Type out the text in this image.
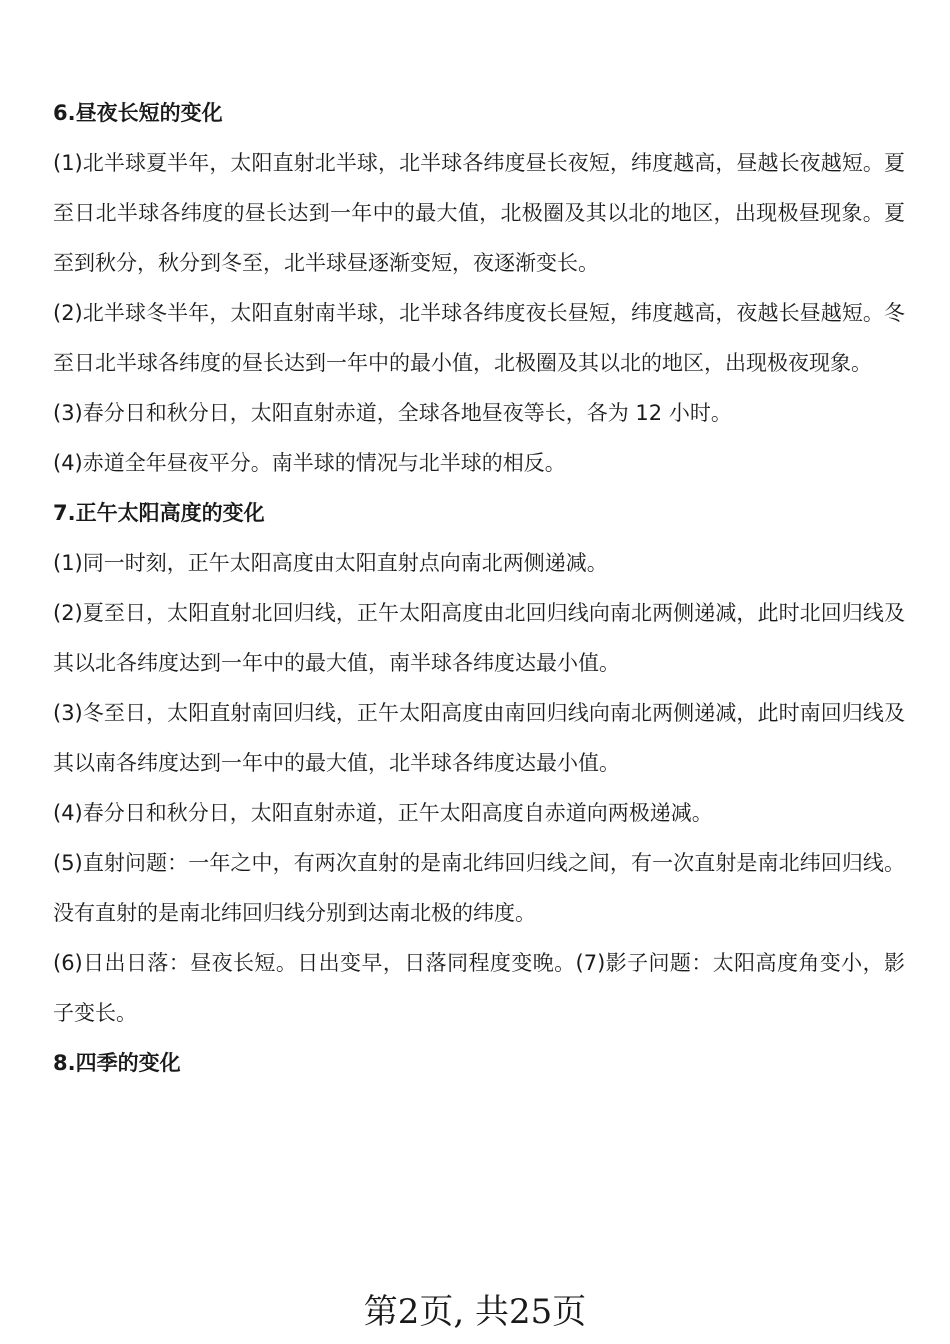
6.昼夜长短的变化
(1)北半球夏半年，太阳直射北半球，北半球各纬度昼长夜短，纬度越高，昼越长夜越短。夏至日北半球各纬度的昼长达到一年中的最大值，北极圈及其以北的地区，出现极昼现象。夏至到秋分，秋分到冬至，北半球昼逐渐变短，夜逐渐变长。
(2)北半球冬半年，太阳直射南半球，北半球各纬度夜长昼短，纬度越高，夜越长昼越短。冬至日北半球各纬度的昼长达到一年中的最小值，北极圈及其以北的地区，出现极夜现象。
(3)春分日和秋分日，太阳直射赤道，全球各地昼夜等长，各为 12 小时。
(4)赤道全年昼夜平分。南半球的情况与北半球的相反。
7.正午太阳高度的变化
(1)同一时刻，正午太阳高度由太阳直射点向南北两侧递减。
(2)夏至日，太阳直射北回归线，正午太阳高度由北回归线向南北两侧递减，此时北回归线及其以北各纬度达到一年中的最大值，南半球各纬度达最小值。
(3)冬至日，太阳直射南回归线，正午太阳高度由南回归线向南北两侧递减，此时南回归线及其以南各纬度达到一年中的最大值，北半球各纬度达最小值。
(4)春分日和秋分日，太阳直射赤道，正午太阳高度自赤道向两极递减。
(5)直射问题：一年之中，有两次直射的是南北纬回归线之间，有一次直射是南北纬回归线。没有直射的是南北纬回归线分别到达南北极的纬度。
(6)日出日落：昼夜长短。日出变早，日落同程度变晚。(7)影子问题：太阳高度角变小，影子变长。
8.四季的变化
第2页, 共25页
